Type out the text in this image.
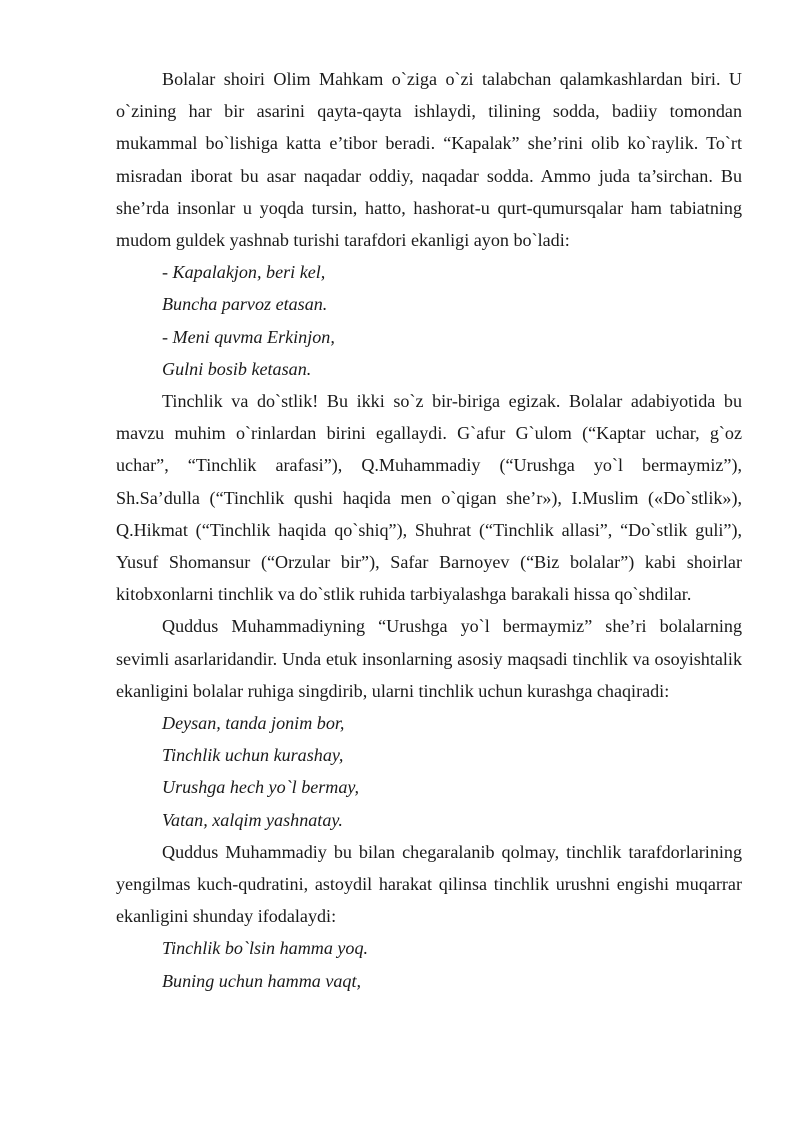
Bolalar shoiri Olim Mahkam o`ziga o`zi talabchan qalamkashlardan biri. U o`zining har bir asarini qayta-qayta ishlaydi, tilining sodda, badiiy tomondan mukammal bo`lishiga katta e’tibor beradi. “Kapalak” she’rini olib ko`raylik. To`rt misradan iborat bu asar naqadar oddiy, naqadar sodda. Ammo juda ta’sirchan. Bu she’rda insonlar u yoqda tursin, hatto, hashorat-u qurt-qumursqalar ham tabiatning mudom guldek yashnab turishi tarafdori ekanligi ayon bo`ladi:

- Kapalakjon, beri kel,

Buncha parvoz etasan.

- Meni quvma Erkinjon,

Gulni bosib ketasan.

Tinchlik va do`stlik! Bu ikki so`z bir-biriga egizak. Bolalar adabiyotida bu mavzu muhim o`rinlardan birini egallaydi. G`afur G`ulom (“Kaptar uchar, g`oz uchar”, “Tinchlik arafasi”), Q.Muhammadiy (“Urushga yo`l bermaymiz”), Sh.Sa’dulla (“Tinchlik qushi haqida men o`qigan she’r»), I.Muslim («Do`stlik»), Q.Hikmat (“Tinchlik haqida qo`shiq”), Shuhrat (“Tinchlik allasi”, “Do`stlik guli”), Yusuf Shomansur (“Orzular bir”), Safar Barnoyev (“Biz bolalar”) kabi shoirlar kitobxonlarni tinchlik va do`stlik ruhida tarbiyalashga barakali hissa qo`shdilar.

Quddus Muhammadiyning “Urushga yo`l bermaymiz” she’ri bolalarning sevimli asarlaridandir. Unda etuk insonlarning asosiy maqsadi tinchlik va osoyishtalik ekanligini bolalar ruhiga singdirib, ularni tinchlik uchun kurashga chaqiradi:

Deysan, tanda jonim bor,

Tinchlik uchun kurashay,

Urushga hech yo`l bermay,

Vatan, xalqim yashnatay.

Quddus Muhammadiy bu bilan chegaralanib qolmay, tinchlik tarafdorlarining yengilmas kuch-qudratini, astoydil harakat qilinsa tinchlik urushni engishi muqarrar ekanligini shunday ifodalaydi:

Tinchlik bo`lsin hamma yoq.

Buning uchun hamma vaqt,
